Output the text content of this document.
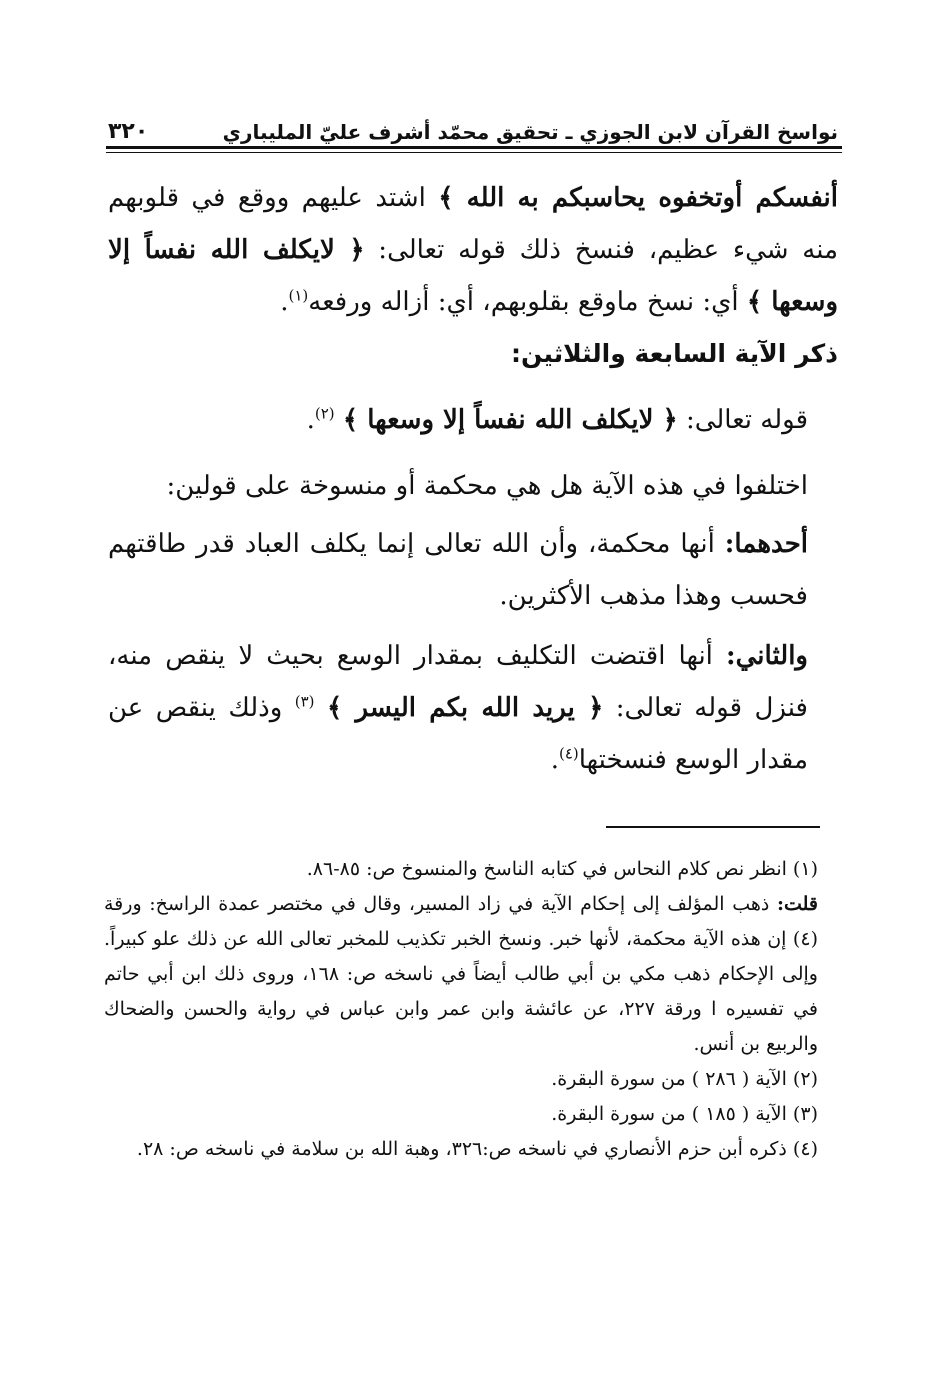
نواسخ القرآن لابن الجوزي ـ تحقيق محمّد أشرف عليّ المليباري
٣٢٠

أنفسكم أوتخفوه يحاسبكم به الله ﴾ اشتد عليهم ووقع في قلوبهم منه شيء عظيم، فنسخ ذلك قوله تعالى: ﴿ لايكلف الله نفساً إلا وسعها ﴾ أي: نسخ ماوقع بقلوبهم، أي: أزاله ورفعه$^{(١)}$.

ذكر الآية السابعة والثلاثين:

قوله تعالى: ﴿ لايكلف الله نفساً إلا وسعها ﴾ $^{(٢)}$.

اختلفوا في هذه الآية هل هي محكمة أو منسوخة على قولين:

أحدهما: أنها محكمة، وأن الله تعالى إنما يكلف العباد قدر طاقتهم فحسب وهذا مذهب الأكثرين.

والثاني: أنها اقتضت التكليف بمقدار الوسع بحيث لا ينقص منه، فنزل قوله تعالى: ﴿ يريد الله بكم اليسر ﴾ $^{(٣)}$ وذلك ينقص عن مقدار الوسع فنسختها$^{(٤)}$.

(١) انظر نص كلام النحاس في كتابه الناسخ والمنسوخ ص: ٨٥-٨٦.

قلت: ذهب المؤلف إلى إحكام الآية في زاد المسير، وقال في مختصر عمدة الراسخ: ورقة (٤) إن هذه الآية محكمة، لأنها خبر. ونسخ الخبر تكذيب للمخبر تعالى الله عن ذلك علو كبيراً. وإلى الإحكام ذهب مكي بن أبي طالب أيضاً في ناسخه ص: ١٦٨، وروى ذلك ابن أبي حاتم في تفسيره ا ورقة ٢٢٧، عن عائشة وابن عمر وابن عباس في رواية والحسن والضحاك والربيع بن أنس.

(٢) الآية ( ٢٨٦ ) من سورة البقرة.

(٣) الآية ( ١٨٥ ) من سورة البقرة.

(٤) ذكره أبن حزم الأنصاري في ناسخه ص:٣٢٦، وهبة الله بن سلامة في ناسخه ص: ٢٨.
